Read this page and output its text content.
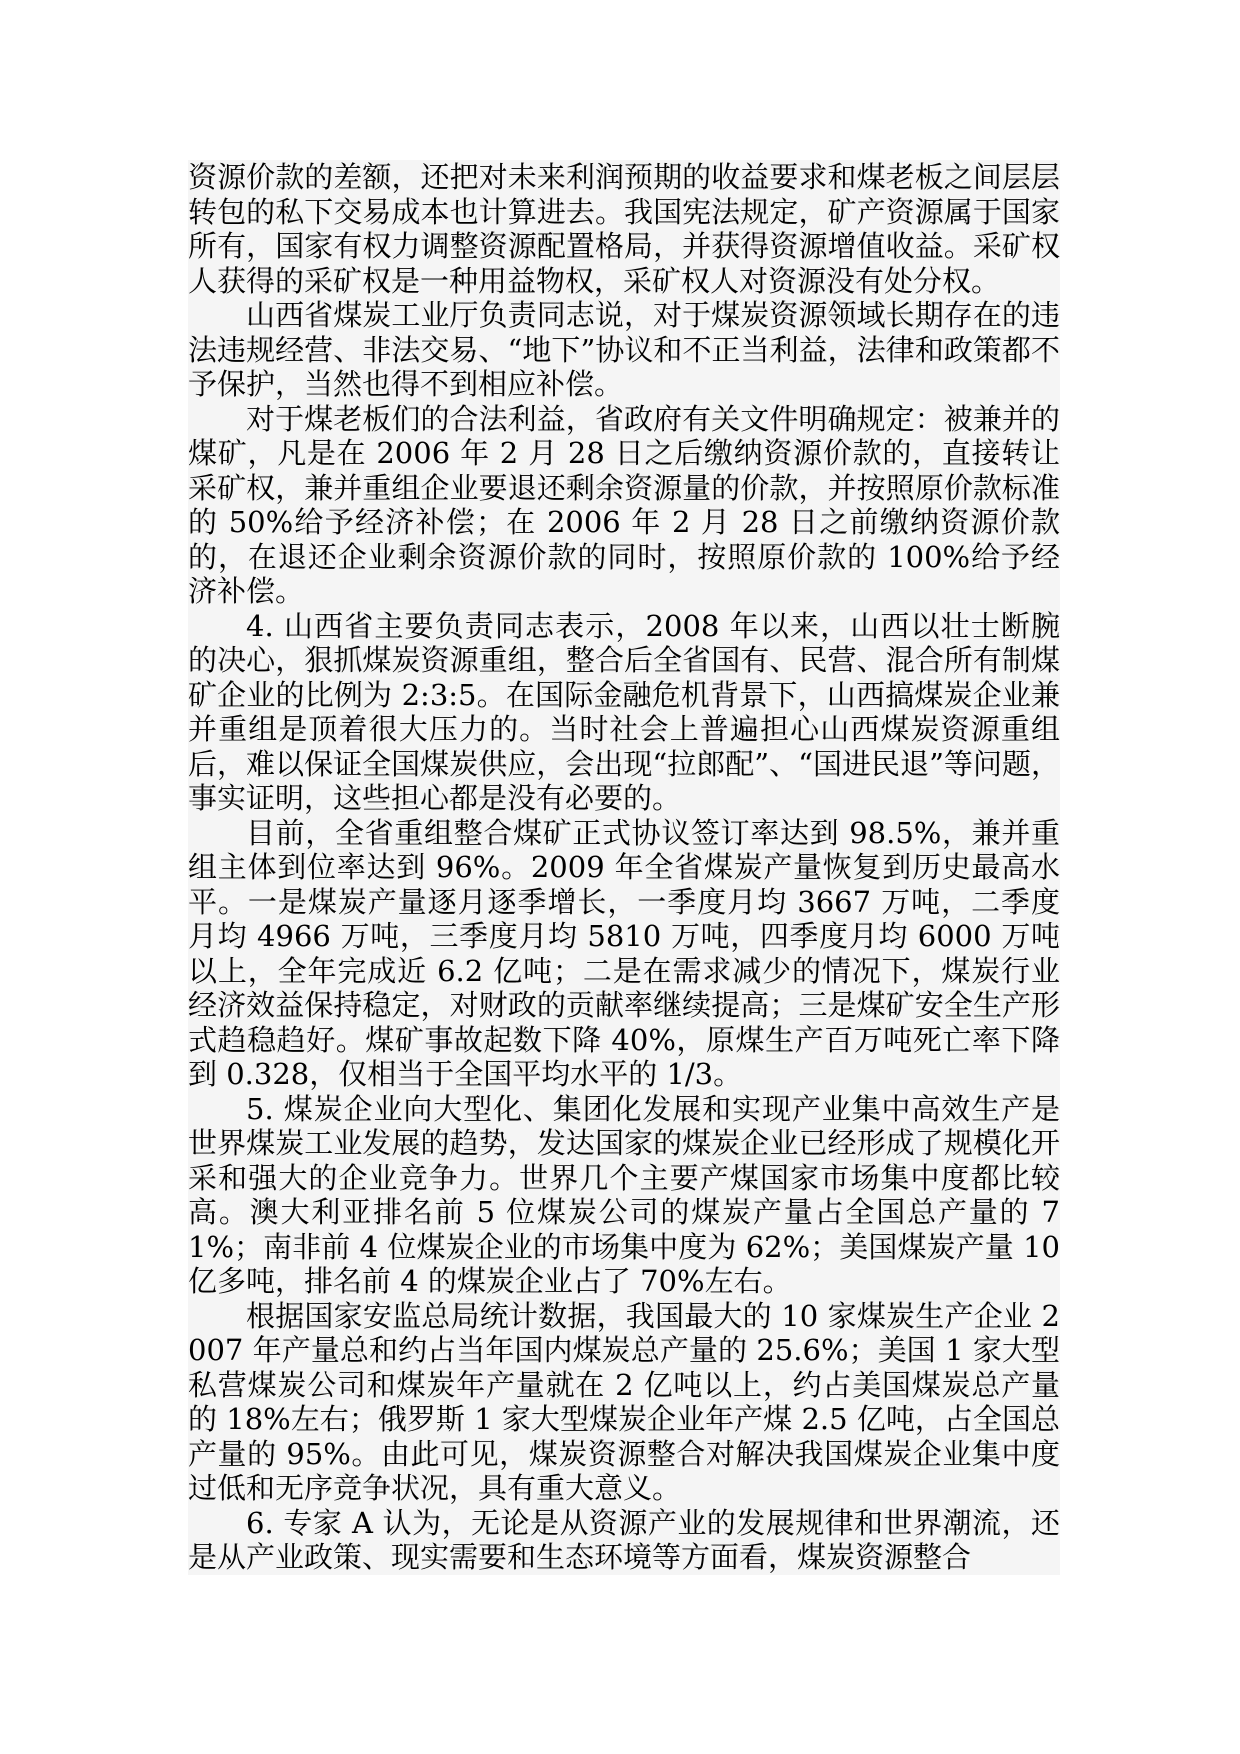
资源价款的差额，还把对未来利润预期的收益要求和煤老板之间层层转包的私下交易成本也计算进去。我国宪法规定，矿产资源属于国家所有，国家有权力调整资源配置格局，并获得资源增值收益。采矿权人获得的采矿权是一种用益物权，采矿权人对资源没有处分权。

山西省煤炭工业厅负责同志说，对于煤炭资源领域长期存在的违法违规经营、非法交易、“地下”协议和不正当利益，法律和政策都不予保护，当然也得不到相应补偿。

对于煤老板们的合法利益，省政府有关文件明确规定：被兼并的煤矿，凡是在 2006 年 2 月 28 日之后缴纳资源价款的，直接转让采矿权，兼并重组企业要退还剩余资源量的价款，并按照原价款标准的 50%给予经济补偿；在 2006 年 2 月 28 日之前缴纳资源价款的，在退还企业剩余资源价款的同时，按照原价款的 100%给予经济补偿。

4. 山西省主要负责同志表示，2008 年以来，山西以壮士断腕的决心，狠抓煤炭资源重组，整合后全省国有、民营、混合所有制煤矿企业的比例为 2:3:5。在国际金融危机背景下，山西搞煤炭企业兼并重组是顶着很大压力的。当时社会上普遍担心山西煤炭资源重组后，难以保证全国煤炭供应，会出现“拉郎配”、“国进民退”等问题，事实证明，这些担心都是没有必要的。

目前，全省重组整合煤矿正式协议签订率达到 98.5%，兼并重组主体到位率达到 96%。2009 年全省煤炭产量恢复到历史最高水平。一是煤炭产量逐月逐季增长，一季度月均 3667 万吨，二季度月均 4966 万吨，三季度月均 5810 万吨，四季度月均 6000 万吨以上，全年完成近 6.2 亿吨；二是在需求减少的情况下，煤炭行业经济效益保持稳定，对财政的贡献率继续提高；三是煤矿安全生产形式趋稳趋好。煤矿事故起数下降 40%，原煤生产百万吨死亡率下降到 0.328，仅相当于全国平均水平的 1/3。

5. 煤炭企业向大型化、集团化发展和实现产业集中高效生产是世界煤炭工业发展的趋势，发达国家的煤炭企业已经形成了规模化开采和强大的企业竞争力。世界几个主要产煤国家市场集中度都比较高。澳大利亚排名前 5 位煤炭公司的煤炭产量占全国总产量的 71%；南非前 4 位煤炭企业的市场集中度为 62%；美国煤炭产量 10 亿多吨，排名前 4 的煤炭企业占了 70%左右。

根据国家安监总局统计数据，我国最大的 10 家煤炭生产企业 2007 年产量总和约占当年国内煤炭总产量的 25.6%；美国 1 家大型私营煤炭公司和煤炭年产量就在 2 亿吨以上，约占美国煤炭总产量的 18%左右；俄罗斯 1 家大型煤炭企业年产煤 2.5 亿吨，占全国总产量的 95%。由此可见，煤炭资源整合对解决我国煤炭企业集中度过低和无序竞争状况，具有重大意义。

6. 专家 A 认为，无论是从资源产业的发展规律和世界潮流，还是从产业政策、现实需要和生态环境等方面看，煤炭资源整合
